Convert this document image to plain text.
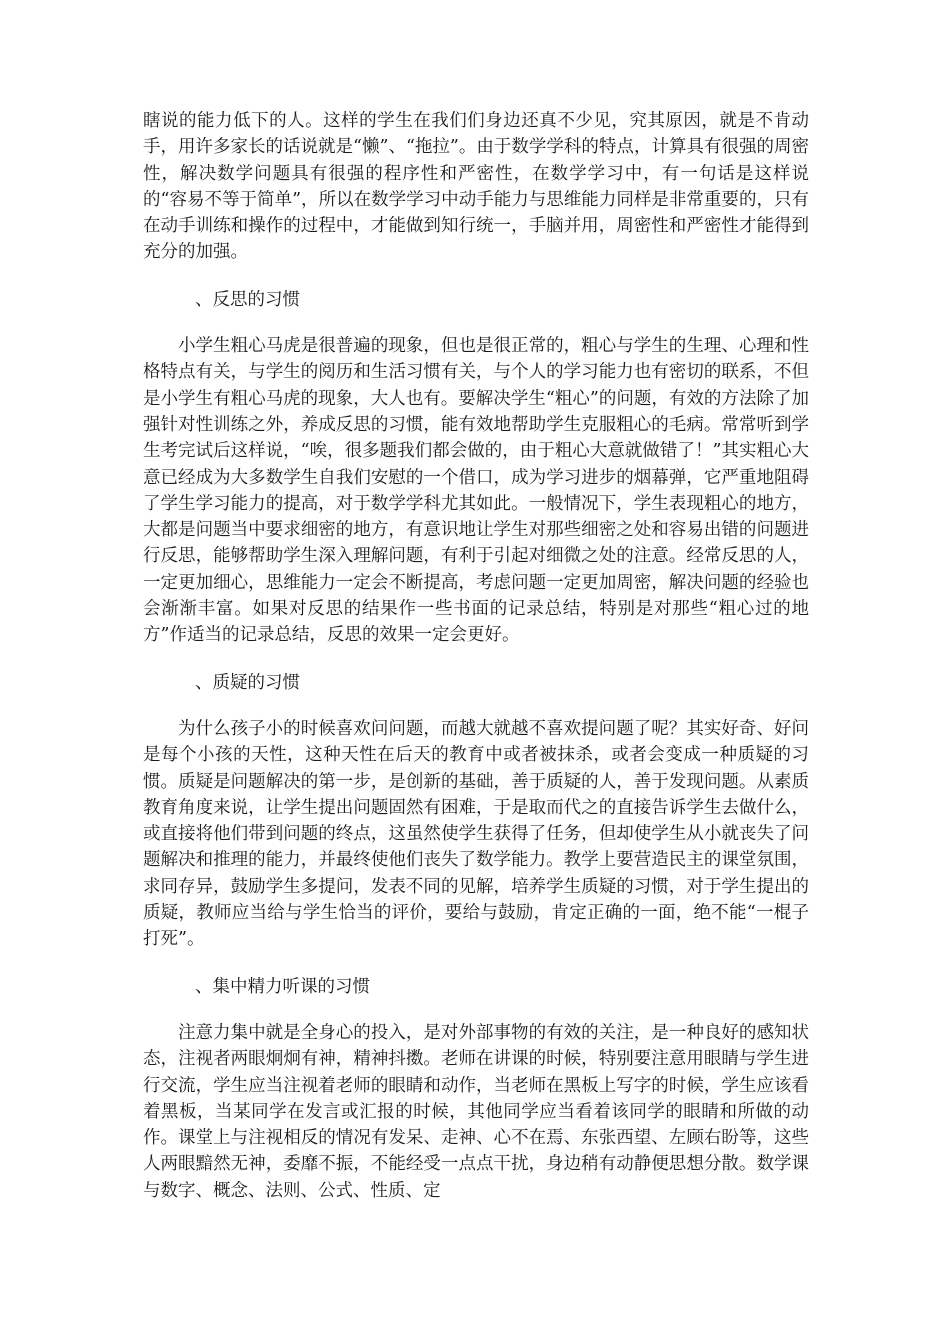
瞎说的能力低下的人。这样的学生在我们们身边还真不少见，究其原因，就是不肯动手，用许多家长的话说就是“懒”、“拖拉”。由于数学学科的特点，计算具有很强的周密性，解决数学问题具有很强的程序性和严密性，在数学学习中，有一句话是这样说的“容易不等于简单”，所以在数学学习中动手能力与思维能力同样是非常重要的，只有在动手训练和操作的过程中，才能做到知行统一，手脑并用，周密性和严密性才能得到充分的加强。

、反思的习惯

小学生粗心马虎是很普遍的现象，但也是很正常的，粗心与学生的生理、心理和性格特点有关，与学生的阅历和生活习惯有关，与个人的学习能力也有密切的联系，不但是小学生有粗心马虎的现象，大人也有。要解决学生“粗心”的问题，有效的方法除了加强针对性训练之外，养成反思的习惯，能有效地帮助学生克服粗心的毛病。常常听到学生考完试后这样说，“唉，很多题我们都会做的，由于粗心大意就做错了！”其实粗心大意已经成为大多数学生自我们安慰的一个借口，成为学习进步的烟幕弹，它严重地阻碍了学生学习能力的提高，对于数学学科尤其如此。一般情况下，学生表现粗心的地方，大都是问题当中要求细密的地方，有意识地让学生对那些细密之处和容易出错的问题进行反思，能够帮助学生深入理解问题，有利于引起对细微之处的注意。经常反思的人，一定更加细心，思维能力一定会不断提高，考虑问题一定更加周密，解决问题的经验也会渐渐丰富。如果对反思的结果作一些书面的记录总结，特别是对那些“粗心过的地方”作适当的记录总结，反思的效果一定会更好。

、质疑的习惯

为什么孩子小的时候喜欢问问题，而越大就越不喜欢提问题了呢？其实好奇、好问是每个小孩的天性，这种天性在后天的教育中或者被抹杀，或者会变成一种质疑的习惯。质疑是问题解决的第一步，是创新的基础，善于质疑的人，善于发现问题。从素质教育角度来说，让学生提出问题固然有困难，于是取而代之的直接告诉学生去做什么，或直接将他们带到问题的终点，这虽然使学生获得了任务，但却使学生从小就丧失了问题解决和推理的能力，并最终使他们丧失了数学能力。教学上要营造民主的课堂氛围，求同存异，鼓励学生多提问，发表不同的见解，培养学生质疑的习惯，对于学生提出的质疑，教师应当给与学生恰当的评价，要给与鼓励，肯定正确的一面，绝不能“一棍子打死”。

、集中精力听课的习惯

注意力集中就是全身心的投入，是对外部事物的有效的关注，是一种良好的感知状态，注视者两眼炯炯有神，精神抖擞。老师在讲课的时候，特别要注意用眼睛与学生进行交流，学生应当注视着老师的眼睛和动作，当老师在黑板上写字的时候，学生应该看着黑板，当某同学在发言或汇报的时候，其他同学应当看着该同学的眼睛和所做的动作。课堂上与注视相反的情况有发呆、走神、心不在焉、东张西望、左顾右盼等，这些人两眼黯然无神，委靡不振，不能经受一点点干扰，身边稍有动静便思想分散。数学课与数字、概念、法则、公式、性质、定
